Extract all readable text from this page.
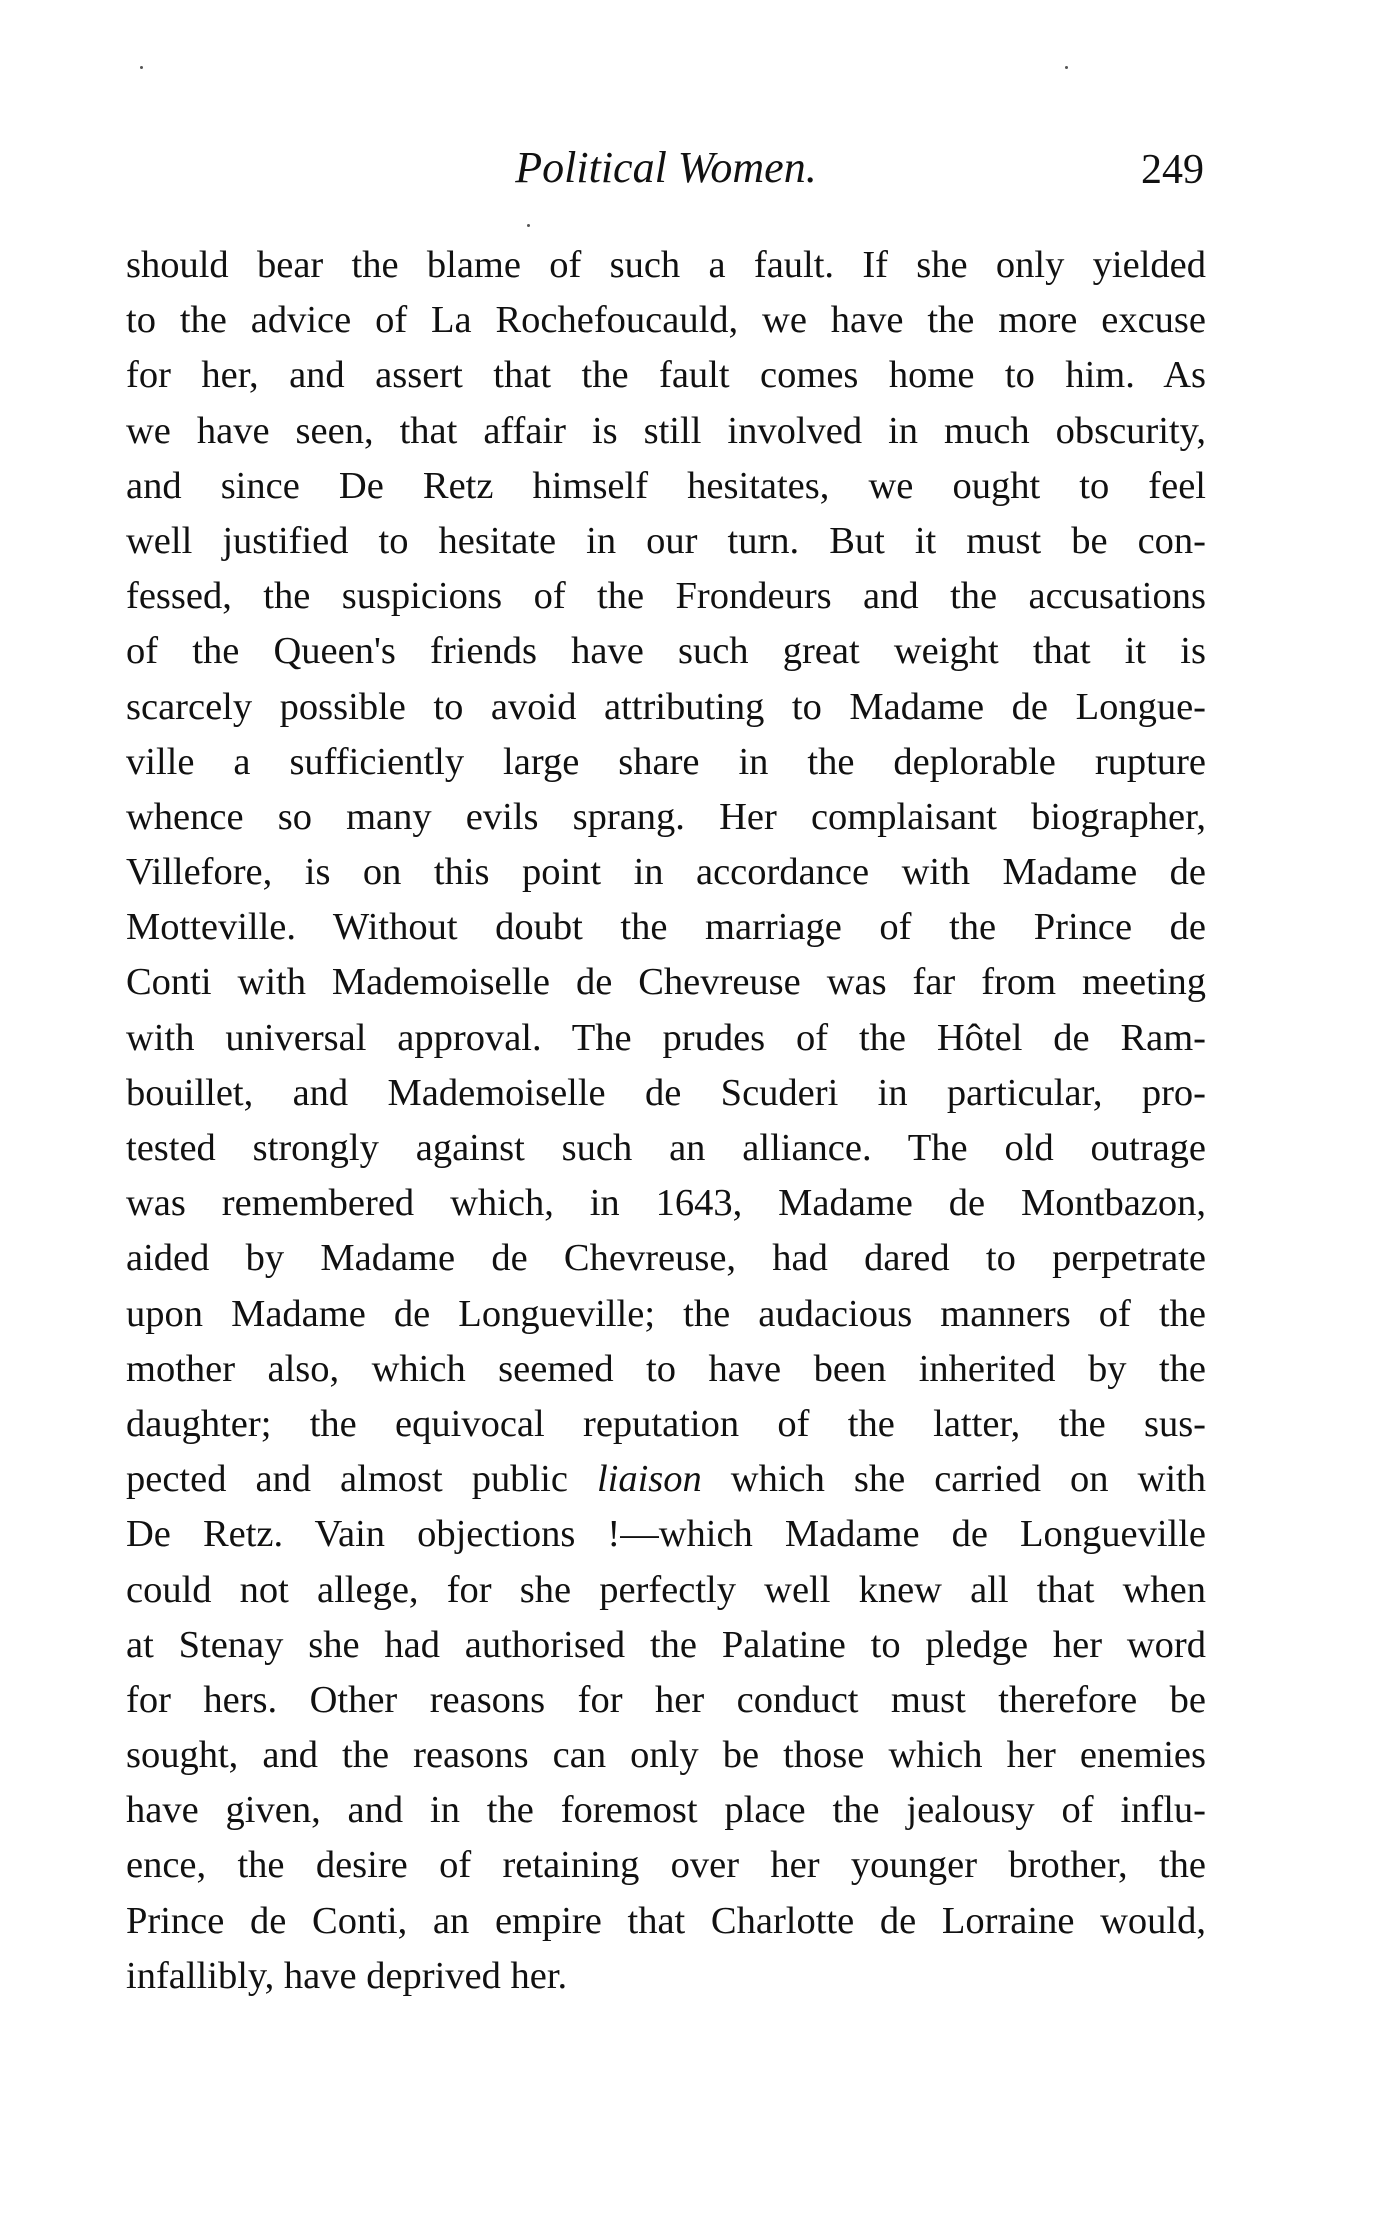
Political Women.	249
should bear the blame of such a fault. If she only yielded
to the advice of La Rochefoucauld, we have the more excuse
for her, and assert that the fault comes home to him. As
we have seen, that affair is still involved in much obscurity,
and since De Retz himself hesitates, we ought to feel
well justified to hesitate in our turn. But it must be con-
fessed, the suspicions of the Frondeurs and the accusations
of the Queen's friends have such great weight that it is
scarcely possible to avoid attributing to Madame de Longue-
ville a sufficiently large share in the deplorable rupture
whence so many evils sprang. Her complaisant biographer,
Villefore, is on this point in accordance with Madame de
Motteville. Without doubt the marriage of the Prince de
Conti with Mademoiselle de Chevreuse was far from meeting
with universal approval. The prudes of the Hôtel de Ram-
bouillet, and Mademoiselle de Scuderi in particular, pro-
tested strongly against such an alliance. The old outrage
was remembered which, in 1643, Madame de Montbazon,
aided by Madame de Chevreuse, had dared to perpetrate
upon Madame de Longueville; the audacious manners of the
mother also, which seemed to have been inherited by the
daughter; the equivocal reputation of the latter, the sus-
pected and almost public liaison which she carried on with
De Retz. Vain objections !—which Madame de Longueville
could not allege, for she perfectly well knew all that when
at Stenay she had authorised the Palatine to pledge her word
for hers. Other reasons for her conduct must therefore be
sought, and the reasons can only be those which her enemies
have given, and in the foremost place the jealousy of influ-
ence, the desire of retaining over her younger brother, the
Prince de Conti, an empire that Charlotte de Lorraine would,
infallibly, have deprived her.
